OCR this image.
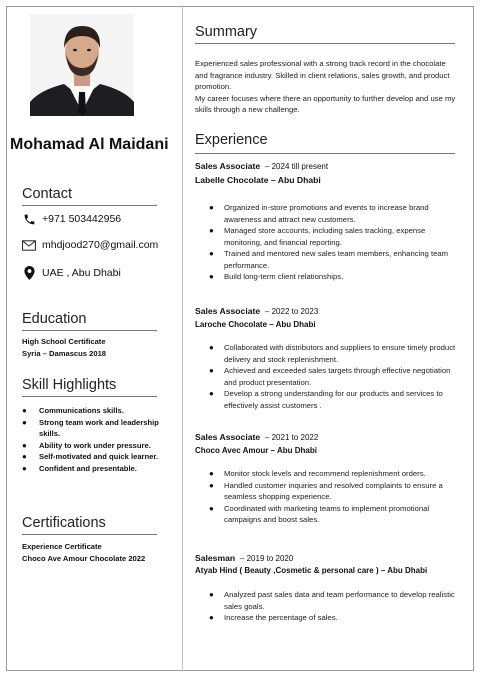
Mohamad Al Maidani
Contact
+971 503442956
mhdjood270@gmail.com
UAE , Abu Dhabi
Education
High School Certificate
Syria – Damascus 2018
Skill Highlights
● Communications skills.
● Strong team work and leadership skills.
● Ability to work under pressure.
● Self-motivated and quick learner.
● Confident and presentable.
Certifications
Experience Certificate
Choco Ave Amour Chocolate 2022
Summary
Experienced sales professional with a strong track record in the chocolate and fragrance industry. Skilled in client relations, sales growth, and product promotion.
My career focuses where there an opportunity to further develop and use my skills through a new challenge.
Experience
Sales Associate – 2024 till present
Labelle Chocolate – Abu Dhabi
● Organized in-store promotions and events to increase brand awareness and attract new customers.
● Managed store accounts, including sales tracking, expense monitoring, and financial reporting.
● Trained and mentored new sales team members, enhancing team performance.
● Build long-term client relationships.
Sales Associate – 2022 to 2023
Laroche Chocolate – Abu Dhabi
● Collaborated with distributors and suppliers to ensure timely product delivery and stock replenishment.
● Achieved and exceeded sales targets through effective negotiation and product presentation.
● Develop a strong understanding for our products and services to effectively assist customers .
Sales Associate – 2021 to 2022
Choco Avec Amour – Abu Dhabi
● Monitor stock levels and recommend replenishment orders.
● Handled customer inquiries and resolved complaints to ensure a seamless shopping experience.
● Coordinated with marketing teams to implement promotional campaigns and boost sales.
Salesman – 2019 to 2020
Atyab Hind ( Beauty ,Cosmetic & personal care ) – Abu Dhabi
● Analyzed past sales data and team performance to develop realistic sales goals.
● Increase the percentage of sales.
